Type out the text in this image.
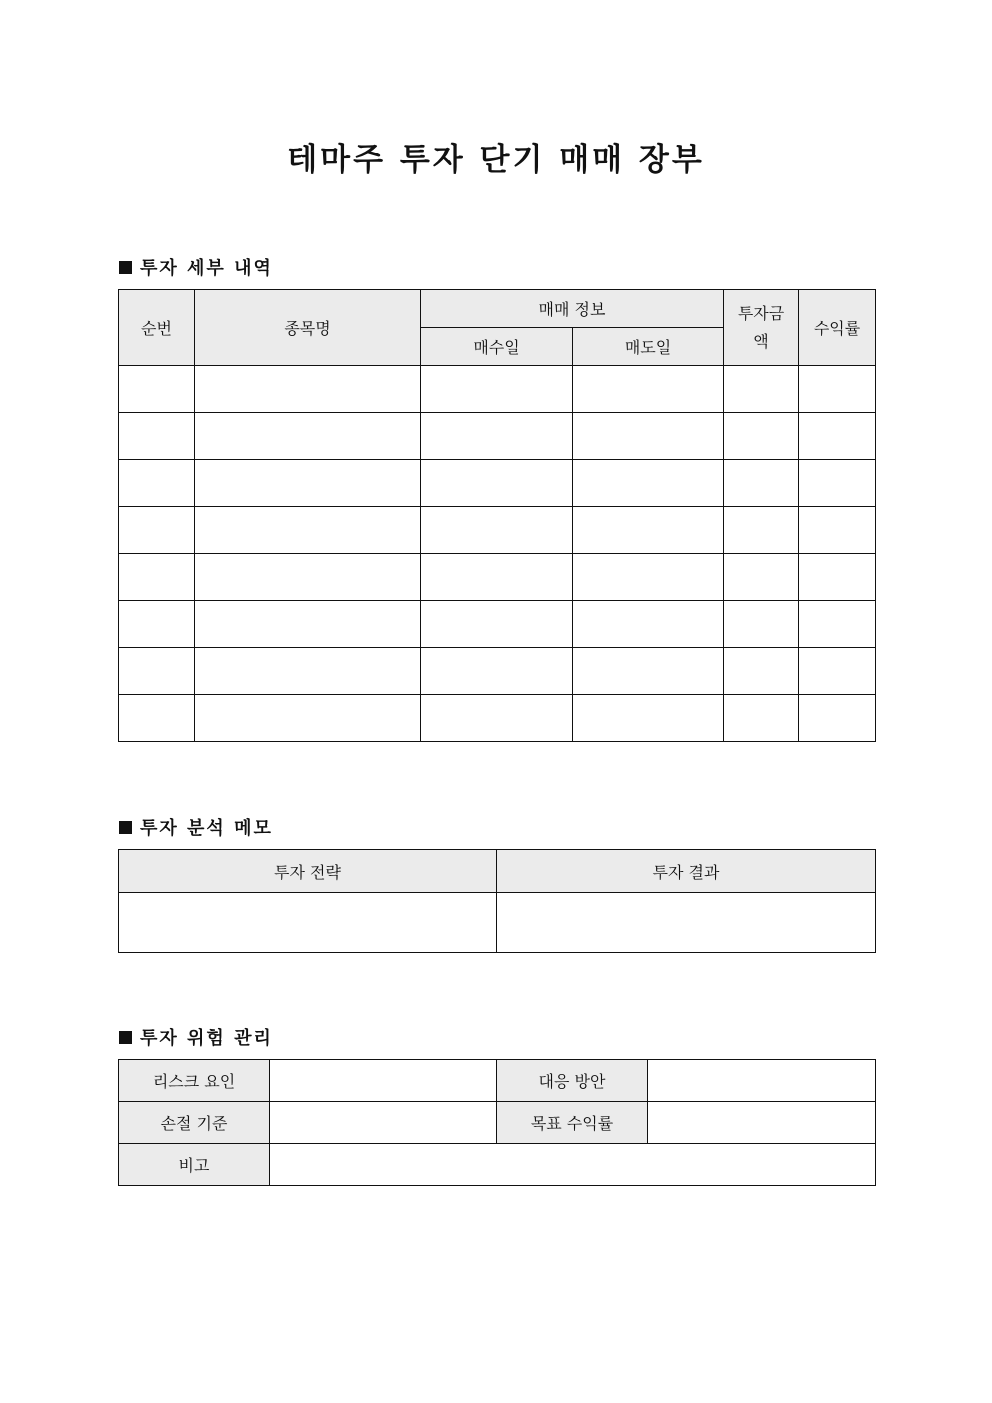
테마주 투자 단기 매매 장부
투자 세부 내역
순번	종목명	매매 정보		투자금액	수익률
		매수일	매도일		

투자 분석 메모
투자 전략	투자 결과

투자 위험 관리
리스크 요인		대응 방안	
손절 기준		목표 수익률	
비고			
